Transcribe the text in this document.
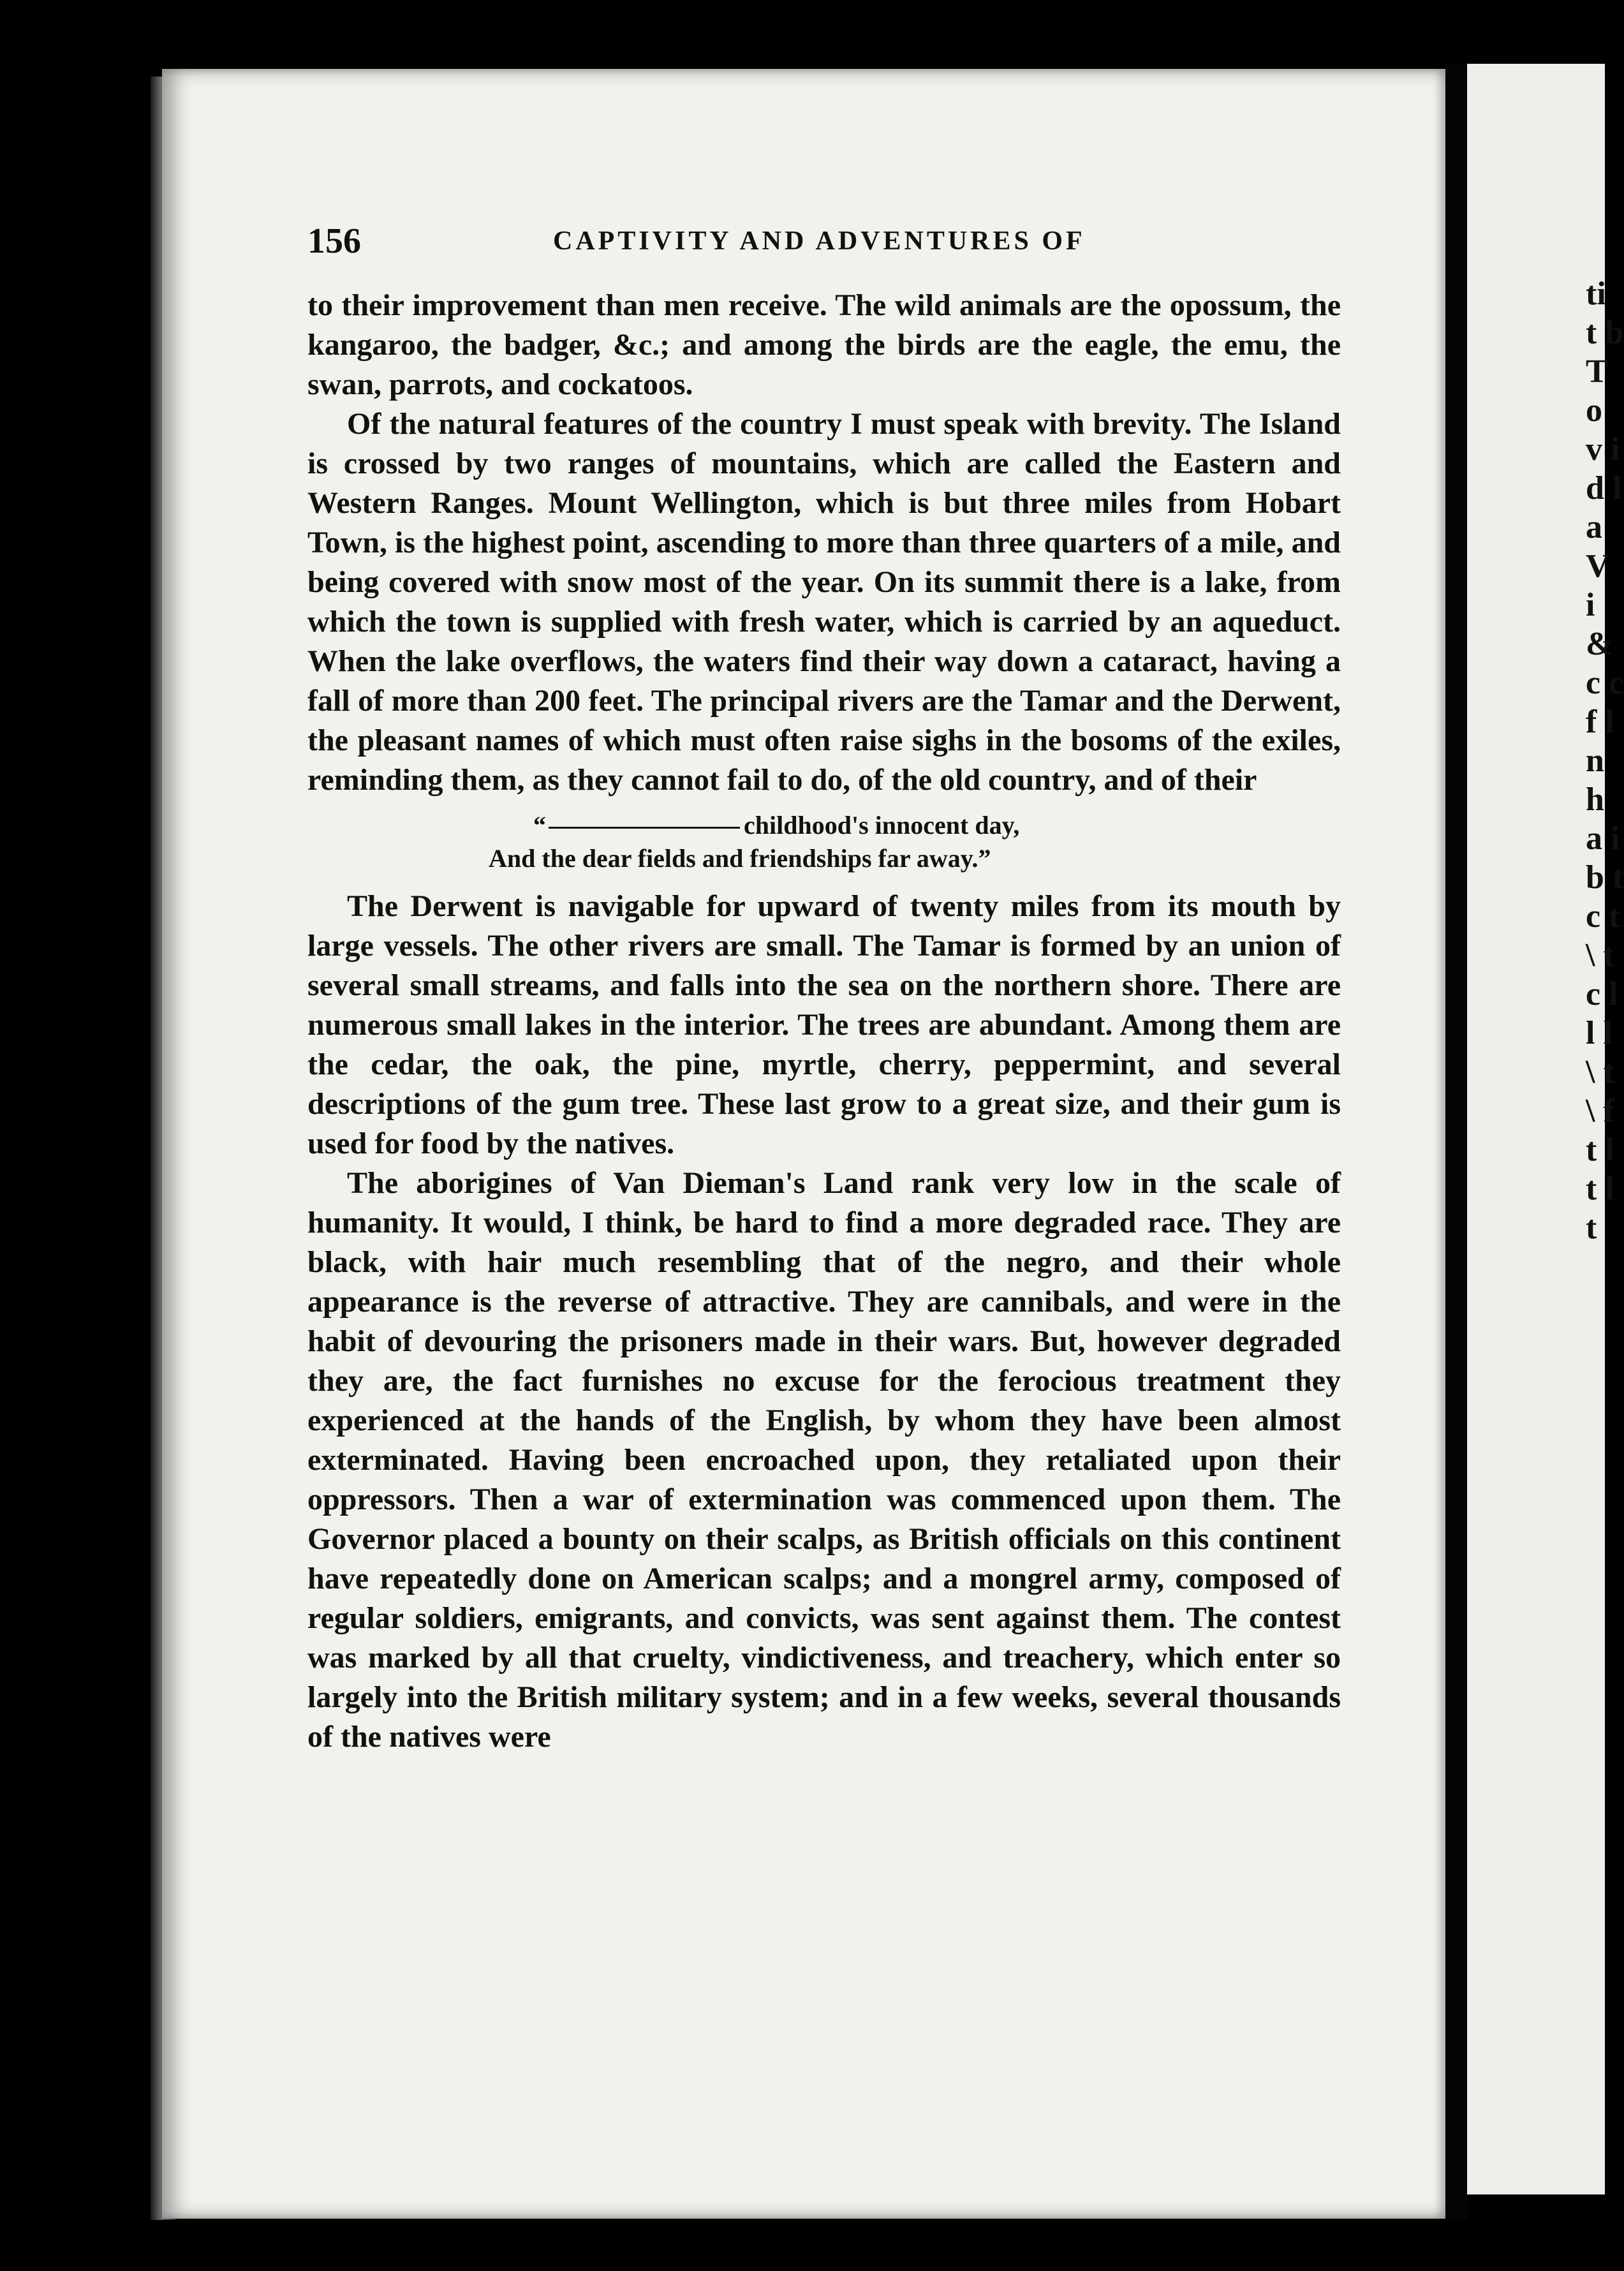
ti t b T o v i d l a V i & c c f l n h a i b t c t \ t c l l l \ t \ f t l t l t
156	CAPTIVITY AND ADVENTURES OF

to their improvement than men receive. The wild animals are the opossum, the kangaroo, the badger, &c.; and among the birds are the eagle, the emu, the swan, parrots, and cockatoos.

Of the natural features of the country I must speak with brevity. The Island is crossed by two ranges of mountains, which are called the Eastern and Western Ranges. Mount Wellington, which is but three miles from Hobart Town, is the highest point, ascending to more than three quarters of a mile, and being covered with snow most of the year. On its summit there is a lake, from which the town is supplied with fresh water, which is carried by an aqueduct. When the lake overflows, the waters find their way down a cataract, having a fall of more than 200 feet. The principal rivers are the Tamar and the Derwent, the pleasant names of which must often raise sighs in the bosoms of the exiles, reminding them, as they cannot fail to do, of the old country, and of their

“	childhood's innocent day,
And the dear fields and friendships far away.”

The Derwent is navigable for upward of twenty miles from its mouth by large vessels. The other rivers are small. The Tamar is formed by an union of several small streams, and falls into the sea on the northern shore. There are numerous small lakes in the interior. The trees are abundant. Among them are the cedar, the oak, the pine, myrtle, cherry, peppermint, and several descriptions of the gum tree. These last grow to a great size, and their gum is used for food by the natives.

The aborigines of Van Dieman's Land rank very low in the scale of humanity. It would, I think, be hard to find a more degraded race. They are black, with hair much resembling that of the negro, and their whole appearance is the reverse of attractive. They are cannibals, and were in the habit of devouring the prisoners made in their wars. But, however degraded they are, the fact furnishes no excuse for the ferocious treatment they experienced at the hands of the English, by whom they have been almost exterminated. Having been encroached upon, they retaliated upon their oppressors. Then a war of extermination was commenced upon them. The Governor placed a bounty on their scalps, as British officials on this continent have repeatedly done on American scalps; and a mongrel army, composed of regular soldiers, emigrants, and convicts, was sent against them. The contest was marked by all that cruelty, vindictiveness, and treachery, which enter so largely into the British military system; and in a few weeks, several thousands of the natives were
